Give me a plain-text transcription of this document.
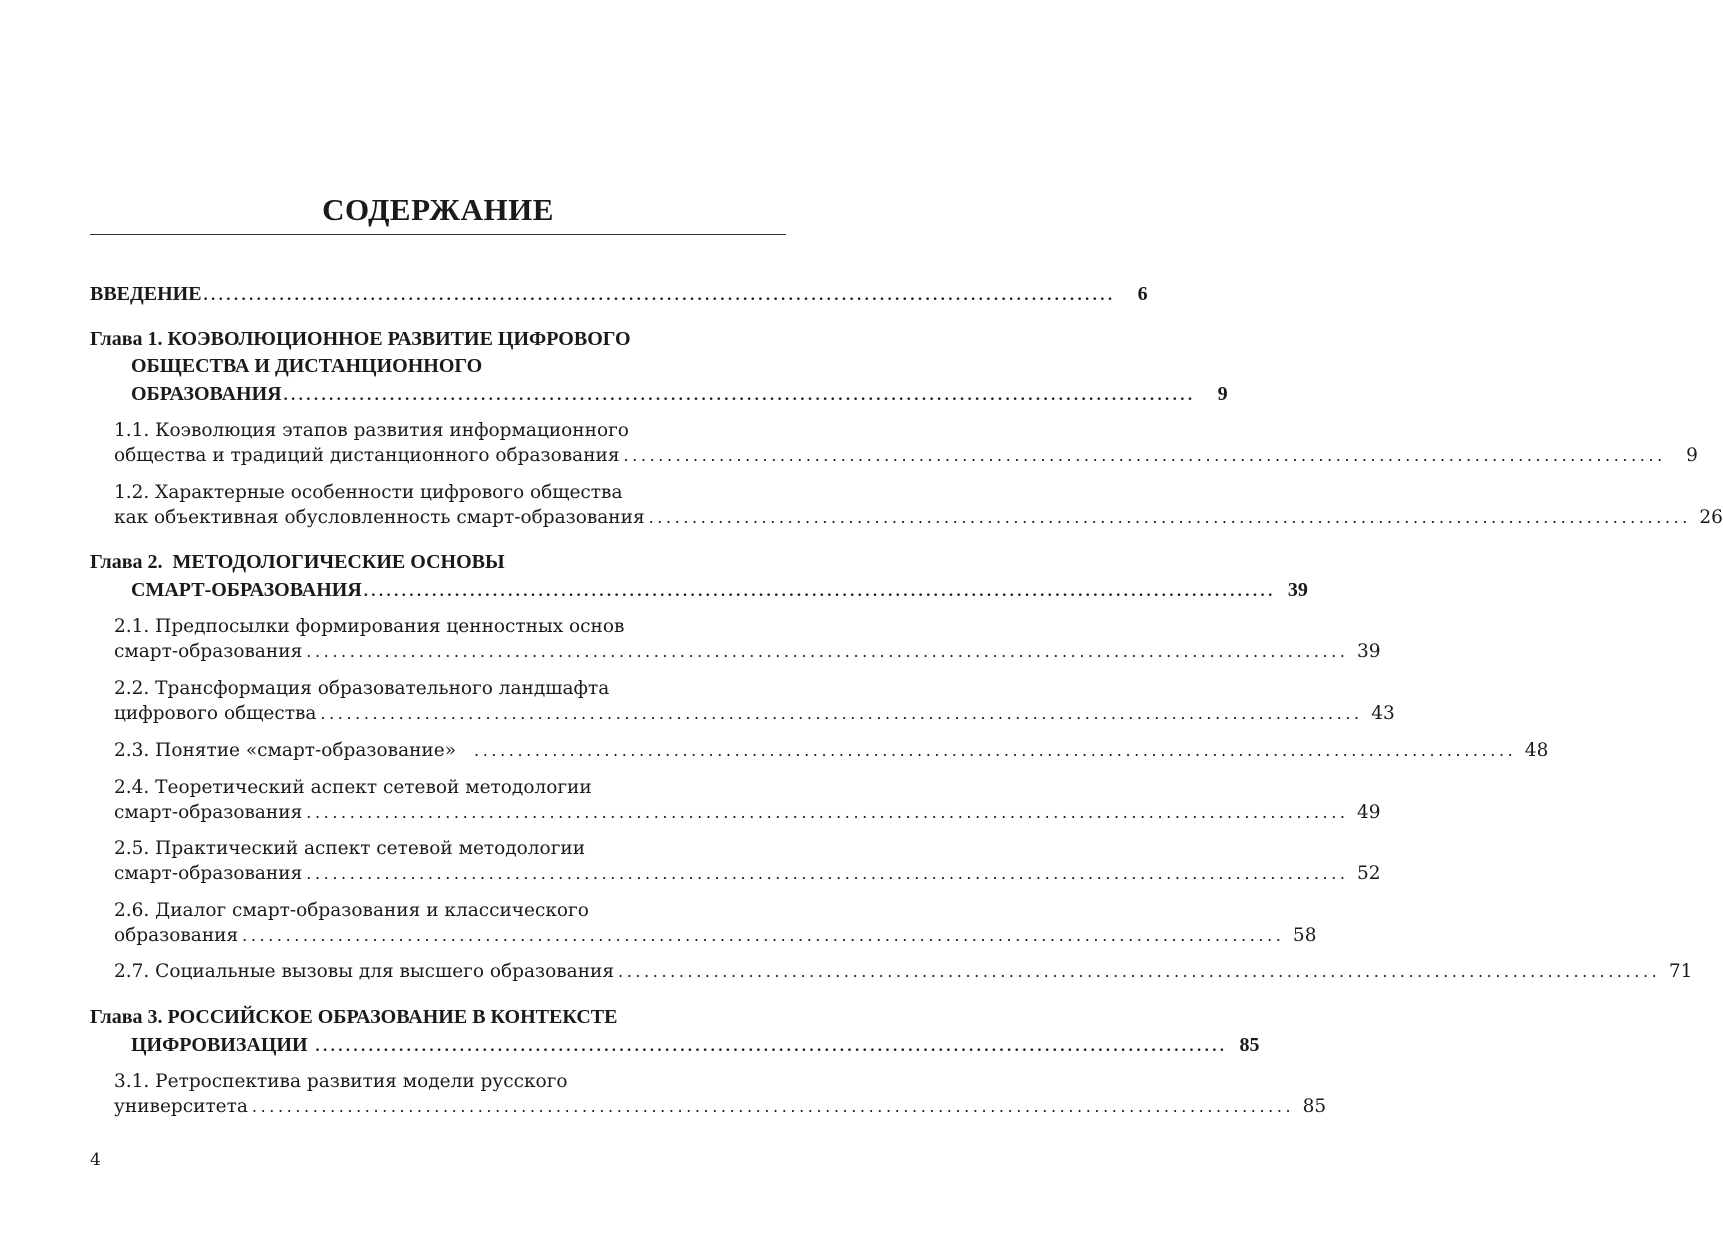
СОДЕРЖАНИЕ
ВВЕДЕНИЕ ........................................................................................................................	6
Глава 1. КОЭВОЛЮЦИОННОЕ РАЗВИТИЕ ЦИФРОВОГО
ОБЩЕСТВА И ДИСТАНЦИОННОГО
ОБРАЗОВАНИЯ ........................................................................................................................	9
1.1. Коэволюция этапов развития информационного
общества и традиций дистанционного образования ........................................................................................................................	9
1.2. Характерные особенности цифрового общества
как объективная обусловленность смарт-образования ........................................................................................................................ 26
Глава 2.  МЕТОДОЛОГИЧЕСКИЕ ОСНОВЫ
СМАРТ-ОБРАЗОВАНИЯ ........................................................................................................................ 39
2.1. Предпосылки формирования ценностных основ
смарт-образования ........................................................................................................................ 39
2.2. Трансформация образовательного ландшафта
цифрового общества ........................................................................................................................ 43
2.3. Понятие «смарт-образование» ........................................................................................................................ 48
2.4. Теоретический аспект сетевой методологии
смарт-образования ........................................................................................................................ 49
2.5. Практический аспект сетевой методологии
смарт-образования ........................................................................................................................ 52
2.6. Диалог смарт-образования и классического
образования ........................................................................................................................ 58
2.7. Социальные вызовы для высшего образования ........................................................................................................................ 71
Глава 3. РОССИЙСКОЕ ОБРАЗОВАНИЕ В КОНТЕКСТЕ
ЦИФРОВИЗАЦИИ ........................................................................................................................ 85
3.1. Ретроспектива развития модели русского
университета ........................................................................................................................ 85
4
